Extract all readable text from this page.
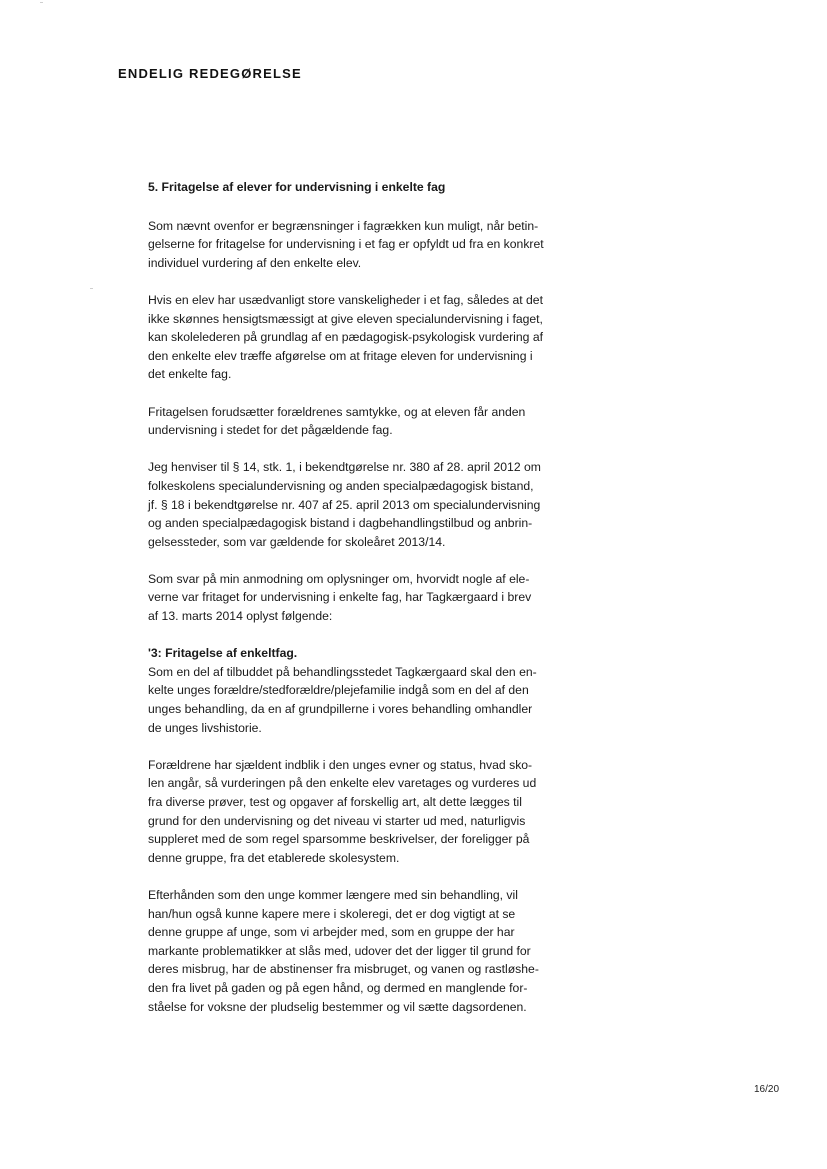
ENDELIG REDEGØRELSE
5. Fritagelse af elever for undervisning i enkelte fag
Som nævnt ovenfor er begrænsninger i fagrækken kun muligt, når betin-
gelserne for fritagelse for undervisning i et fag er opfyldt ud fra en konkret
individuel vurdering af den enkelte elev.
Hvis en elev har usædvanligt store vanskeligheder i et fag, således at det
ikke skønnes hensigtsmæssigt at give eleven specialundervisning i faget,
kan skolelederen på grundlag af en pædagogisk-psykologisk vurdering af
den enkelte elev træffe afgørelse om at fritage eleven for undervisning i
det enkelte fag.
Fritagelsen forudsætter forældrenes samtykke, og at eleven får anden
undervisning i stedet for det pågældende fag.
Jeg henviser til § 14, stk. 1, i bekendtgørelse nr. 380 af 28. april 2012 om
folkeskolens specialundervisning og anden specialpædagogisk bistand,
jf. § 18 i bekendtgørelse nr. 407 af 25. april 2013 om specialundervisning
og anden specialpædagogisk bistand i dagbehandlingstilbud og anbrin-
gelsessteder, som var gældende for skoleåret 2013/14.
Som svar på min anmodning om oplysninger om, hvorvidt nogle af ele-
verne var fritaget for undervisning i enkelte fag, har Tagkærgaard i brev
af 13. marts 2014 oplyst følgende:
'3: Fritagelse af enkeltfag.
Som en del af tilbuddet på behandlingsstedet Tagkærgaard skal den en-
kelte unges forældre/stedforældre/plejefamilie indgå som en del af den
unges behandling, da en af grundpillerne i vores behandling omhandler
de unges livshistorie.
Forældrene har sjældent indblik i den unges evner og status, hvad sko-
len angår, så vurderingen på den enkelte elev varetages og vurderes ud
fra diverse prøver, test og opgaver af forskellig art, alt dette lægges til
grund for den undervisning og det niveau vi starter ud med, naturligvis
suppleret med de som regel sparsomme beskrivelser, der foreligger på
denne gruppe, fra det etablerede skolesystem.
Efterhånden som den unge kommer længere med sin behandling, vil
han/hun også kunne kapere mere i skoleregi, det er dog vigtigt at se
denne gruppe af unge, som vi arbejder med, som en gruppe der har
markante problematikker at slås med, udover det der ligger til grund for
deres misbrug, har de abstinenser fra misbruget, og vanen og rastløshe-
den fra livet på gaden og på egen hånd, og dermed en manglende for-
ståelse for voksne der pludselig bestemmer og vil sætte dagsordenen.
16/20
